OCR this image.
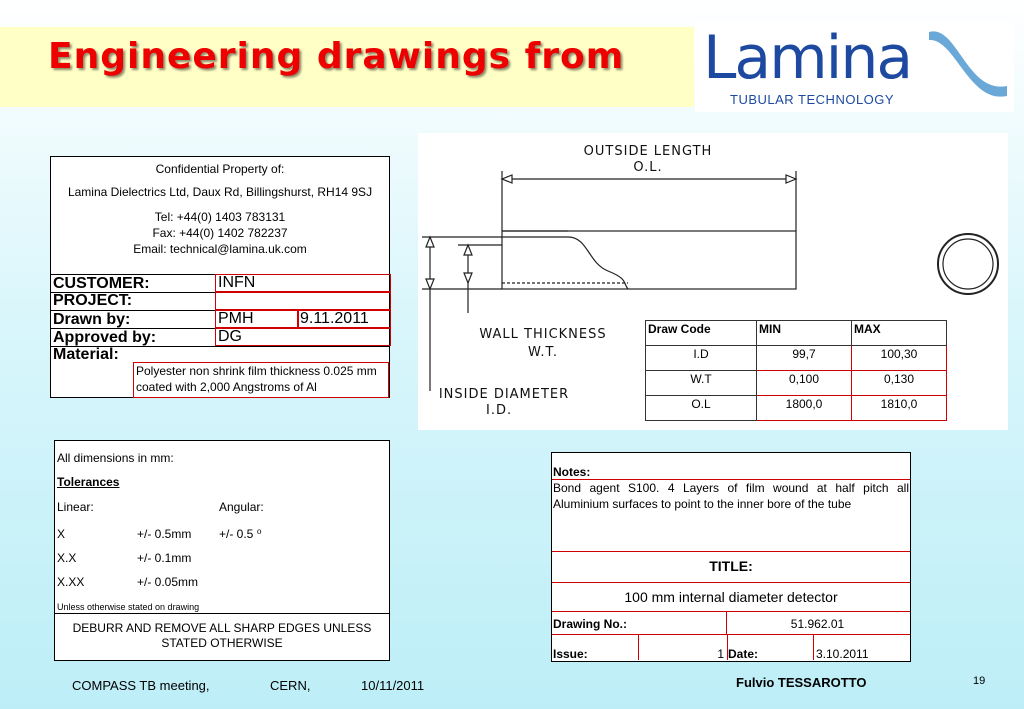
Engineering drawings from Lamina
TUBULAR TECHNOLOGY
Confidential Property of:
Lamina Dielectrics Ltd, Daux Rd, Billingshurst, RH14 9SJ
Tel: +44(0) 1403 783131
Fax: +44(0) 1402 782237
Email: technical@lamina.uk.com
CUSTOMER:	INFN
PROJECT:
Drawn by:	PMH	9.11.2011
Approved by:	DG
Material:
Polyester non shrink film thickness 0.025 mm coated with 2,000 Angstroms of Al
OUTSIDE LENGTH
O.L.
WALL THICKNESS
W.T.
INSIDE DIAMETER
I.D.
Draw Code	MIN	MAX
I.D	99,7	100,30
W.T	0,100	0,130
O.L	1800,0	1810,0
All dimensions in mm:
Tolerances
Linear:	Angular:
X	+/- 0.5mm +/- 0.5 ⁰
X.X	+/- 0.1mm
X.XX	+/- 0.05mm
Unless otherwise stated on drawing
DEBURR AND REMOVE ALL SHARP EDGES UNLESS STATED OTHERWISE
Notes:
Bond agent S100. 4 Layers of film wound at half pitch all Aluminium surfaces to point to the inner bore of the tube
TITLE:
100 mm internal diameter detector
Drawing No.:	51.962.01
Issue:	1 Date:	3.10.2011
COMPASS TB meeting,	CERN,	10/11/2011	Fulvio TESSAROTTO	19
